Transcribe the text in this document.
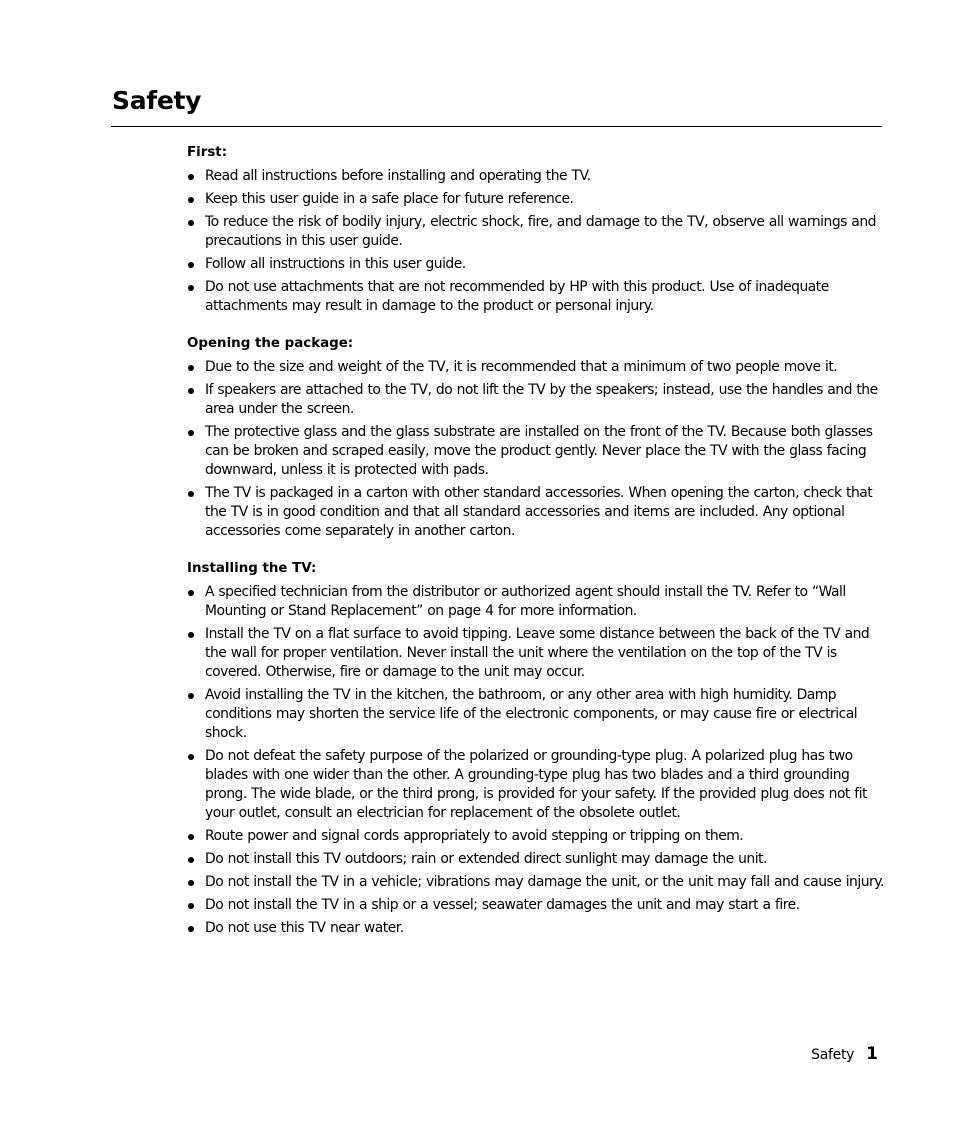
Safety
First:
Read all instructions before installing and operating the TV.
Keep this user guide in a safe place for future reference.
To reduce the risk of bodily injury, electric shock, fire, and damage to the TV, observe all warnings and precautions in this user guide.
Follow all instructions in this user guide.
Do not use attachments that are not recommended by HP with this product. Use of inadequate attachments may result in damage to the product or personal injury.
Opening the package:
Due to the size and weight of the TV, it is recommended that a minimum of two people move it.
If speakers are attached to the TV, do not lift the TV by the speakers; instead, use the handles and the area under the screen.
The protective glass and the glass substrate are installed on the front of the TV. Because both glasses can be broken and scraped easily, move the product gently. Never place the TV with the glass facing downward, unless it is protected with pads.
The TV is packaged in a carton with other standard accessories. When opening the carton, check that the TV is in good condition and that all standard accessories and items are included. Any optional accessories come separately in another carton.
Installing the TV:
A specified technician from the distributor or authorized agent should install the TV. Refer to “Wall Mounting or Stand Replacement” on page 4 for more information.
Install the TV on a flat surface to avoid tipping. Leave some distance between the back of the TV and the wall for proper ventilation. Never install the unit where the ventilation on the top of the TV is covered. Otherwise, fire or damage to the unit may occur.
Avoid installing the TV in the kitchen, the bathroom, or any other area with high humidity. Damp conditions may shorten the service life of the electronic components, or may cause fire or electrical shock.
Do not defeat the safety purpose of the polarized or grounding-type plug. A polarized plug has two blades with one wider than the other. A grounding-type plug has two blades and a third grounding prong. The wide blade, or the third prong, is provided for your safety. If the provided plug does not fit your outlet, consult an electrician for replacement of the obsolete outlet.
Route power and signal cords appropriately to avoid stepping or tripping on them.
Do not install this TV outdoors; rain or extended direct sunlight may damage the unit.
Do not install the TV in a vehicle; vibrations may damage the unit, or the unit may fall and cause injury.
Do not install the TV in a ship or a vessel; seawater damages the unit and may start a fire.
Do not use this TV near water.
Safety 1
